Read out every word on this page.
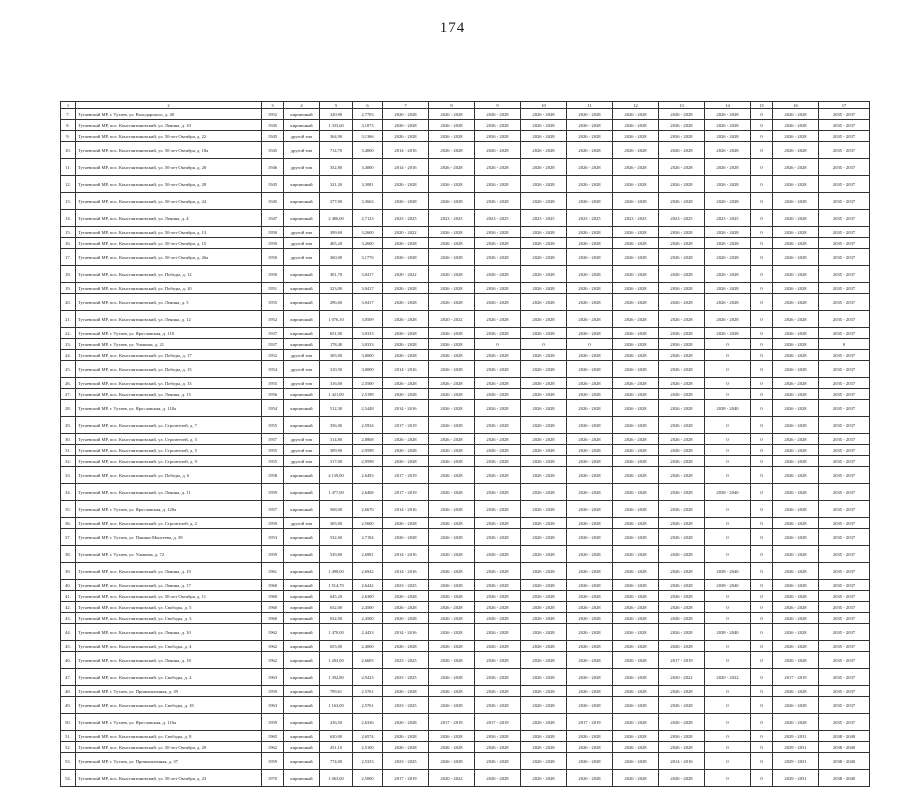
174
1	2	3	4	5	6	7	8	9	10	11	12	13	14	15	16	17
7.	Тутаевский МР, г. Тутаев, ул. Володарского, д. 40	1952	кирпичный	320,90	2,7703	2026 - 2028	2026 - 2028	2026 - 2028	2026 - 2028	2026 - 2028	2026 - 2028	2026 - 2028	2026 - 2028	0	2026 - 2028	2035 - 2037
8.	Тутаевский МР, пос. Константиновский, ул. Ленина, д. 10	1945	кирпичный	1 333,60	3,1073	2026 - 2028	2026 - 2028	2026 - 2028	2026 - 2028	2026 - 2028	2026 - 2028	2026 - 2028	2026 - 2028	0	2026 - 2028	2035 - 2037
9.	Тутаевский МР, пос. Константиновский, ул. 50-лет Октября, д. 22	1945	другой тип	364,90	3,1366	2026 - 2028	2026 - 2028	2026 - 2028	2026 - 2028	2026 - 2028	2026 - 2028	2026 - 2028	2026 - 2028	0	2026 - 2028	2035 - 2037
10.	Тутаевский МР, пос. Константиновский, ул. 50-лет Октября, д. 18а	1945	другой тип	714,70	3,4000	2014 - 2016	2026 - 2028	2026 - 2028	2026 - 2028	2026 - 2028	2026 - 2028	2026 - 2028	2026 - 2028	0	2026 - 2028	2035 - 2037
11.	Тутаевский МР, пос. Константиновский, ул. 50-лет Октября, д. 20	1946	другой тип	352,80	3,4000	2014 - 2016	2026 - 2028	2026 - 2028	2026 - 2028	2026 - 2028	2026 - 2028	2026 - 2028	2026 - 2028	0	2026 - 2028	2035 - 2037
12.	Тутаевский МР, пос. Константиновский, ул. 50-лет Октября, д. 28	1945	кирпичный	321,20	3,3081	2026 - 2028	2026 - 2028	2026 - 2028	2026 - 2028	2026 - 2028	2026 - 2028	2026 - 2028	2026 - 2028	0	2026 - 2028	2035 - 2037
13.	Тутаевский МР, пос. Константиновский, ул. 50-лет Октября, д. 24	1945	кирпичный	377,00	3,3663	2026 - 2028	2026 - 2028	2026 - 2028	2026 - 2028	2026 - 2028	2026 - 2028	2026 - 2028	2026 - 2028	0	2026 - 2028	2035 - 2037
14.	Тутаевский МР, пос. Константиновский, ул. Ленина, д. 4	1947	кирпичный	2 486,00	2,7123	2023 - 2025	2023 - 2025	2023 - 2025	2023 - 2025	2023 - 2025	2023 - 2025	2023 - 2025	2023 - 2025	0	2026 - 2028	2035 - 2037
15.	Тутаевский МР, пос. Константиновский, ул. 50-лет Октября, д. 13	1950	другой тип	399,60	3,2600	2020 - 2022	2026 - 2028	2026 - 2028	2026 - 2028	2026 - 2028	2026 - 2028	2026 - 2028	2026 - 2028	0	2026 - 2028	2035 - 2037
16.	Тутаевский МР, пос. Константиновский, ул. 50-лет Октября, д. 15	1950	другой тип	405,20	3,2600	2026 - 2028	2026 - 2028	2026 - 2028	2026 - 2028	2026 - 2028	2026 - 2028	2026 - 2028	2026 - 2028	0	2026 - 2028	2035 - 2037
17.	Тутаевский МР, пос. Константиновский, ул. 50-лет Октября, д. 26а	1950	другой тип	360,00	3,1776	2026 - 2028	2026 - 2028	2026 - 2028	2026 - 2028	2026 - 2028	2026 - 2028	2026 - 2028	2026 - 2028	0	2026 - 2028	2035 - 2037
18.	Тутаевский МР, пос. Константиновский, ул. Победы, д. 12	1950	кирпичный	301,70	3,0417	2020 - 2022	2026 - 2028	2026 - 2028	2026 - 2028	2026 - 2028	2026 - 2028	2026 - 2028	2026 - 2028	0	2026 - 2028	2035 - 2037
19.	Тутаевский МР, пос. Константиновский, ул. Победы, д. 10	1951	кирпичный	323,00	3,0417	2026 - 2028	2026 - 2028	2026 - 2028	2026 - 2028	2026 - 2028	2026 - 2028	2026 - 2028	2026 - 2028	0	2026 - 2028	2035 - 2037
20.	Тутаевский МР, пос. Константиновский, ул. Ленина, д. 5	1955	кирпичный	296,60	3,0417	2026 - 2028	2026 - 2028	2026 - 2028	2026 - 2028	2026 - 2028	2026 - 2028	2026 - 2028	2026 - 2028	0	2026 - 2028	2035 - 2037
21.	Тутаевский МР, пос. Константиновский, ул. Ленина, д. 12	1952	кирпичный	1 076,10	3,0509	2026 - 2028	2020 - 2022	2026 - 2028	2026 - 2028	2026 - 2028	2026 - 2028	2026 - 2028	2026 - 2028	0	2026 - 2028	2035 - 2037
22.	Тутаевский МР, г. Тутаев, ул. Ярославская, д. 118	1937	кирпичный	651,00	3,0333	2026 - 2028	2026 - 2028	2026 - 2028	2026 - 2028	2026 - 2028	2026 - 2028	2026 - 2028	2026 - 2028	0	2026 - 2028	2035 - 2037
23.	Тутаевский МР, г. Тутаев, ул. Ушакова, д. 21	1937	кирпичный	178,40	3,0333	2026 - 2028	2026 - 2028	0	0	0	2026 - 2028	2026 - 2028	0	0	2026 - 2028	0
24.	Тутаевский МР, пос. Константиновский, ул. Победы, д. 17	1952	другой тип	305,00	3,0000	2026 - 2028	2026 - 2028	2026 - 2028	2026 - 2028	2026 - 2028	2026 - 2028	2026 - 2028	0	0	2026 - 2028	2035 - 2037
25.	Тутаевский МР, пос. Константиновский, ул. Победы, д. 15	1954	другой тип	310,50	3,0000	2014 - 2016	2026 - 2028	2026 - 2028	2026 - 2028	2026 - 2028	2026 - 2028	2026 - 2028	0	0	2026 - 2028	2035 - 2037
26.	Тутаевский МР, пос. Константиновский, ул. Победы, д. 13	1955	другой тип	316,00	2,5500	2026 - 2028	2026 - 2028	2026 - 2028	2026 - 2028	2026 - 2028	2026 - 2028	2026 - 2028	0	0	2026 - 2028	2035 - 2037
27.	Тутаевский МР, пос. Константиновский, ул. Ленина, д. 15	1956	кирпичный	1 421,00	2,5198	2026 - 2028	2026 - 2028	2026 - 2028	2026 - 2028	2026 - 2028	2026 - 2028	2026 - 2028	0	0	2026 - 2028	2035 - 2037
28.	Тутаевский МР, г. Тутаев, ул. Ярославская, д. 118а	1954	кирпичный	512,30	2,5448	2014 - 2016	2026 - 2028	2026 - 2028	2026 - 2028	2026 - 2028	2026 - 2028	2026 - 2028	2038 - 2040	0	2026 - 2028	2035 - 2037
29.	Тутаевский МР, пос. Константиновский, ул. Строителей, д. 7	1955	кирпичный	356,00	2,5934	2017 - 2019	2026 - 2028	2026 - 2028	2026 - 2028	2026 - 2028	2026 - 2028	2026 - 2028	0	0	2026 - 2028	2035 - 2037
30.	Тутаевский МР, пос. Константиновский, ул. Строителей, д. 3	1957	другой тип	314,80	2,8868	2026 - 2028	2026 - 2028	2026 - 2028	2026 - 2028	2026 - 2028	2026 - 2028	2026 - 2028	0	0	2026 - 2028	2035 - 2037
31.	Тутаевский МР, пос. Константиновский, ул. Строителей, д. 5	1955	другой тип	309,90	2,9598	2026 - 2028	2026 - 2028	2026 - 2028	2026 - 2028	2026 - 2028	2026 - 2028	2026 - 2028	0	0	2026 - 2028	2035 - 2037
32.	Тутаевский МР, пос. Константиновский, ул. Строителей, д. 9	1955	другой тип	317,00	2,9598	2026 - 2028	2026 - 2028	2026 - 2028	2026 - 2028	2026 - 2028	2026 - 2028	2026 - 2028	0	0	2026 - 2028	2035 - 2037
33.	Тутаевский МР, пос. Константиновский, ул. Победы, д. 6	1958	кирпичный	4 139,00	2,6493	2017 - 2019	2026 - 2028	2026 - 2028	2026 - 2028	2026 - 2028	2026 - 2028	2026 - 2028	0	0	2026 - 2028	2035 - 2037
34.	Тутаевский МР, пос. Константиновский, ул. Ленина, д. 11	1959	кирпичный	1 477,00	2,6468	2017 - 2019	2026 - 2028	2026 - 2028	2026 - 2028	2026 - 2028	2026 - 2028	2026 - 2028	2038 - 2040	0	2026 - 2028	2035 - 2037
35.	Тутаевский МР, г. Тутаев, ул. Ярославская, д. 120а	1957	кирпичный	568,00	2,6670	2014 - 2016	2026 - 2028	2026 - 2028	2026 - 2028	2026 - 2028	2026 - 2028	2026 - 2028	0	0	2026 - 2028	2035 - 2037
36.	Тутаевский МР, пос. Константиновский, ул. Строителей, д. 2	1959	другой тип	305,00	2,5600	2026 - 2028	2026 - 2028	2026 - 2028	2026 - 2028	2026 - 2028	2026 - 2028	2026 - 2028	0	0	2026 - 2028	2035 - 2037
37.	Тутаевский МР, г. Тутаев, ул. Панина-Моисеева, д. 39	1953	кирпичный	532,60	2,7194	2026 - 2028	2026 - 2028	2026 - 2028	2026 - 2028	2026 - 2028	2026 - 2028	2026 - 2028	0	0	2026 - 2028	2035 - 2037
38.	Тутаевский МР, г. Тутаев, ул. Ушакова, д. 72	1959	кирпичный	539,80	2,6981	2014 - 2016	2026 - 2028	2026 - 2028	2026 - 2028	2026 - 2028	2026 - 2028	2026 - 2028	0	0	2026 - 2028	2035 - 2037
39.	Тутаевский МР, пос. Константиновский, ул. Ленина, д. 19	1961	кирпичный	1 498,00	2,6942	2014 - 2016	2026 - 2028	2026 - 2028	2026 - 2028	2026 - 2028	2026 - 2028	2026 - 2028	2038 - 2040	0	2026 - 2028	2035 - 2037
40.	Тутаевский МР, пос. Константиновский, ул. Ленина, д. 17	1960	кирпичный	1 514,70	2,6442	2023 - 2025	2026 - 2028	2026 - 2028	2026 - 2028	2026 - 2028	2026 - 2028	2026 - 2028	2038 - 2040	0	2026 - 2028	2035 - 2037
41.	Тутаевский МР, пос. Константиновский, ул. 50-лет Октября, д. 11	1960	кирпичный	645,20	2,6300	2026 - 2028	2026 - 2028	2026 - 2028	2026 - 2028	2026 - 2028	2026 - 2028	2026 - 2028	0	0	2026 - 2028	2035 - 2037
42.	Тутаевский МР, пос. Константиновский, ул. Свободы, д. 5	1960	кирпичный	632,00	2,4500	2026 - 2028	2026 - 2028	2026 - 2028	2026 - 2028	2026 - 2028	2026 - 2028	2026 - 2028	0	0	2026 - 2028	2035 - 2037
43.	Тутаевский МР, пос. Константиновский, ул. Свободы, д. 3	1960	кирпичный	632,00	2,4500	2026 - 2028	2026 - 2028	2026 - 2028	2026 - 2028	2026 - 2028	2026 - 2028	2026 - 2028	0	0	2026 - 2028	2035 - 2037
44.	Тутаевский МР, пос. Константиновский, ул. Ленина, д. 10	1962	кирпичный	1 470,00	2,4433	2014 - 2016	2026 - 2028	2026 - 2028	2026 - 2028	2026 - 2028	2026 - 2028	2026 - 2028	2038 - 2040	0	2026 - 2028	2035 - 2037
45.	Тутаевский МР, пос. Константиновский, ул. Свободы, д. 4	1962	кирпичный	655,00	2,4000	2026 - 2028	2026 - 2028	2026 - 2028	2026 - 2028	2026 - 2028	2026 - 2028	2026 - 2028	0	0	2026 - 2028	2035 - 2037
46.	Тутаевский МР, пос. Константиновский, ул. Ленина, д. 18	1962	кирпичный	1 203,00	2,6605	2023 - 2025	2026 - 2028	2026 - 2028	2026 - 2028	2026 - 2028	2026 - 2028	2017 - 2019	0	0	2026 - 2028	2035 - 2037
47.	Тутаевский МР, пос. Константиновский, ул. Свободы, д. 2	1963	кирпичный	1 392,80	2,9423	2023 - 2025	2026 - 2028	2026 - 2028	2026 - 2028	2026 - 2028	2026 - 2028	2020 - 2022	2020 - 2022	0	2017 - 2019	2035 - 2037
48.	Тутаевский МР, г. Тутаев, ул. Промышленная, д. 39	1959	кирпичный	799,61	2,5761	2026 - 2028	2026 - 2028	2026 - 2028	2026 - 2028	2026 - 2028	2026 - 2028	2026 - 2028	0	0	2026 - 2028	2035 - 2037
49.	Тутаевский МР, пос. Константиновский, ул. Свободы, д. 18	1963	кирпичный	1 163,00	2,5761	2023 - 2025	2026 - 2028	2026 - 2028	2026 - 2028	2026 - 2028	2026 - 2028	2026 - 2028	0	0	2026 - 2028	2035 - 2037
50.	Тутаевский МР, г. Тутаев, ул. Ярославская, д. 116а	1959	кирпичный	236,50	2,6336	2026 - 2028	2017 - 2019	2017 - 2019	2026 - 2028	2017 - 2019	2026 - 2028	2026 - 2028	0	0	2026 - 2028	2035 - 2037
51.	Тутаевский МР, пос. Константиновский, ул. Свободы, д. 8	1965	кирпичный	620,00	2,6574	2026 - 2028	2026 - 2028	2026 - 2028	2026 - 2028	2026 - 2028	2026 - 2028	2026 - 2028	0	0	2029 - 2031	2038 - 2040
52.	Тутаевский МР, пос. Константиновский, ул. 50-лет Октября, д. 29	1962	кирпичный	451,10	2,5100	2026 - 2028	2026 - 2028	2026 - 2028	2026 - 2028	2026 - 2028	2026 - 2028	2026 - 2028	0	0	2029 - 2031	2038 - 2040
53.	Тутаевский МР, г. Тутаев, ул. Промышленная, д. 37	1959	кирпичный	774,00	2,5333	2023 - 2025	2026 - 2028	2026 - 2028	2026 - 2028	2026 - 2028	2026 - 2028	2014 - 2016	0	0	2029 - 2031	2038 - 2040
54.	Тутаевский МР, пос. Константиновский, ул. 50-лет Октября, д. 23	1970	кирпичный	1 063,00	2,5000	2017 - 2019	2020 - 2022	2026 - 2028	2026 - 2028	2026 - 2028	2026 - 2028	2026 - 2028	0	0	2029 - 2031	2038 - 2040
